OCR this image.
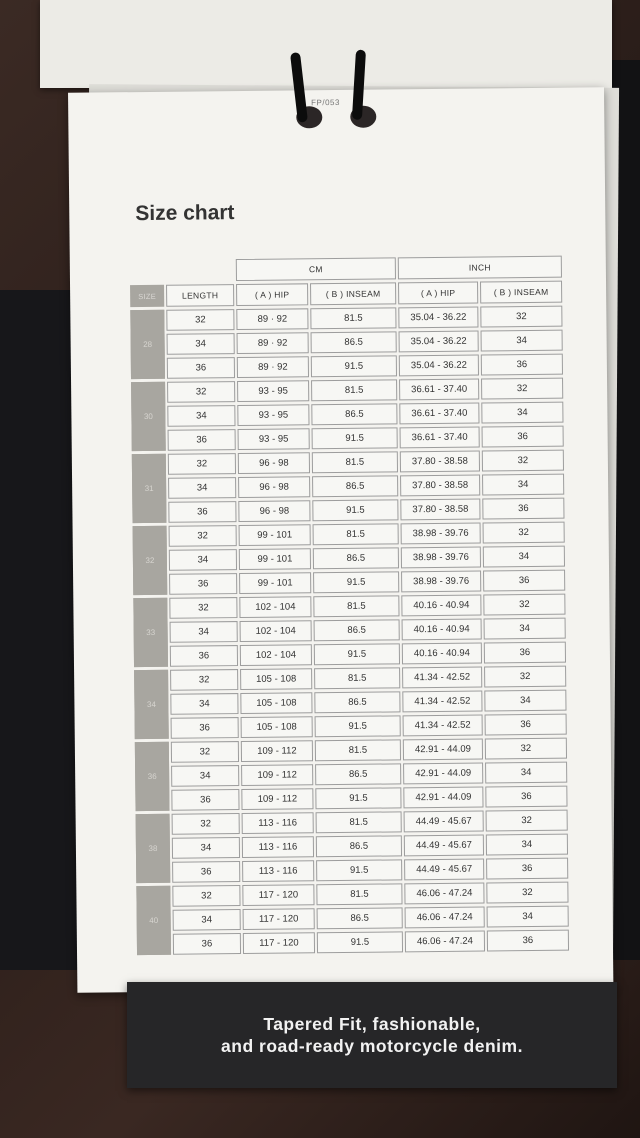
FP/053
Size chart
		CM		INCH	
SIZE	LENGTH	( A ) HIP	( B ) INSEAM	( A ) HIP	( B ) INSEAM
28	32	89 · 92	81.5	35.04 - 36.22	32
	34	89 · 92	86.5	35.04 - 36.22	34
	36	89 · 92	91.5	35.04 - 36.22	36
30	32	93 - 95	81.5	36.61 - 37.40	32
	34	93 - 95	86.5	36.61 - 37.40	34
	36	93 - 95	91.5	36.61 - 37.40	36
31	32	96 - 98	81.5	37.80 - 38.58	32
	34	96 - 98	86.5	37.80 - 38.58	34
	36	96 - 98	91.5	37.80 - 38.58	36
32	32	99 - 101	81.5	38.98 - 39.76	32
	34	99 - 101	86.5	38.98 - 39.76	34
	36	99 - 101	91.5	38.98 - 39.76	36
33	32	102 - 104	81.5	40.16 - 40.94	32
	34	102 - 104	86.5	40.16 - 40.94	34
	36	102 - 104	91.5	40.16 - 40.94	36
34	32	105 - 108	81.5	41.34 - 42.52	32
	34	105 - 108	86.5	41.34 - 42.52	34
	36	105 - 108	91.5	41.34 - 42.52	36
36	32	109 - 112	81.5	42.91 - 44.09	32
	34	109 - 112	86.5	42.91 - 44.09	34
	36	109 - 112	91.5	42.91 - 44.09	36
38	32	113 - 116	81.5	44.49 - 45.67	32
	34	113 - 116	86.5	44.49 - 45.67	34
	36	113 - 116	91.5	44.49 - 45.67	36
40	32	117 - 120	81.5	46.06 - 47.24	32
	34	117 - 120	86.5	46.06 - 47.24	34
	36	117 - 120	91.5	46.06 - 47.24	36
Tapered Fit, fashionable,
and road-ready motorcycle denim.
